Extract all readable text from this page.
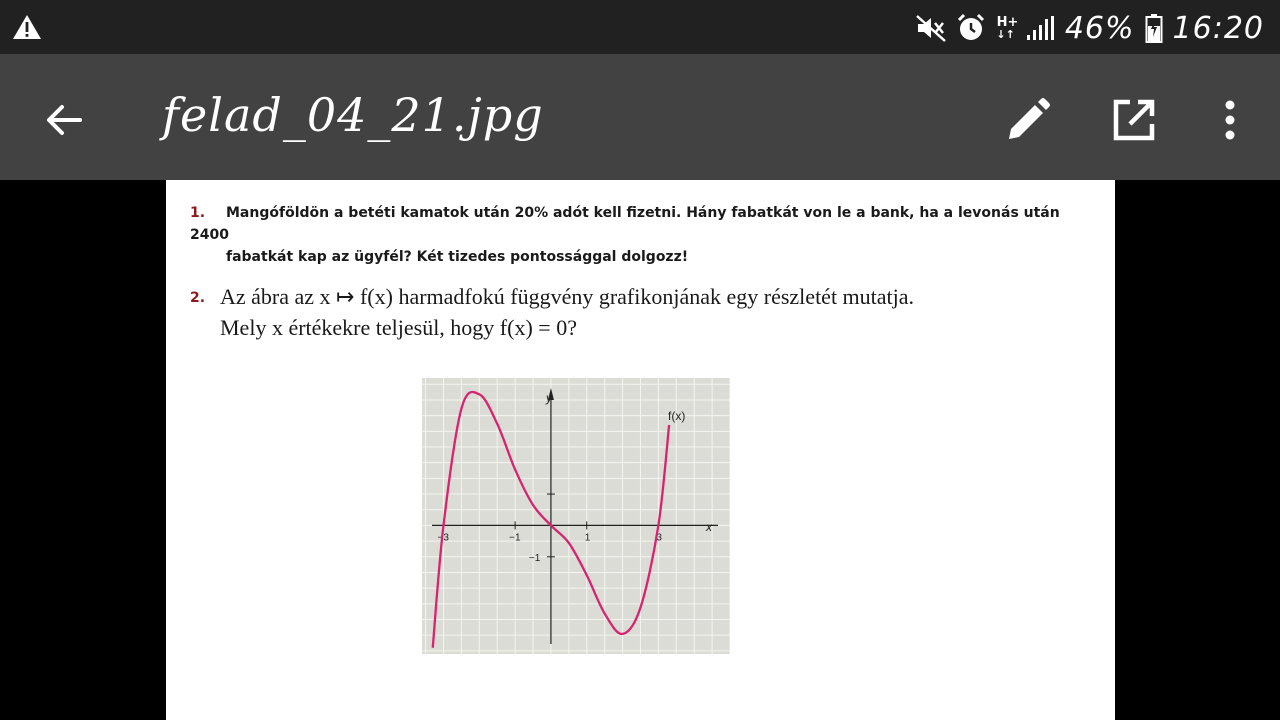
H+
↓↑ 46% 16:20
felad_04_21.jpg
1. Mangóföldön a betéti kamatok után 20% adót kell fizetni. Hány fabatkát von le a bank, ha a levonás után 2400
fabatkát kap az ügyfél? Két tizedes pontossággal dolgozz!
2. Az ábra az x ↦ f(x) harmadfokú függvény grafikonjának egy részletét mutatja.
Mely x értékekre teljesül, hogy f(x) = 0?
−3	−1	1	3
−1
f(x)
x
y
